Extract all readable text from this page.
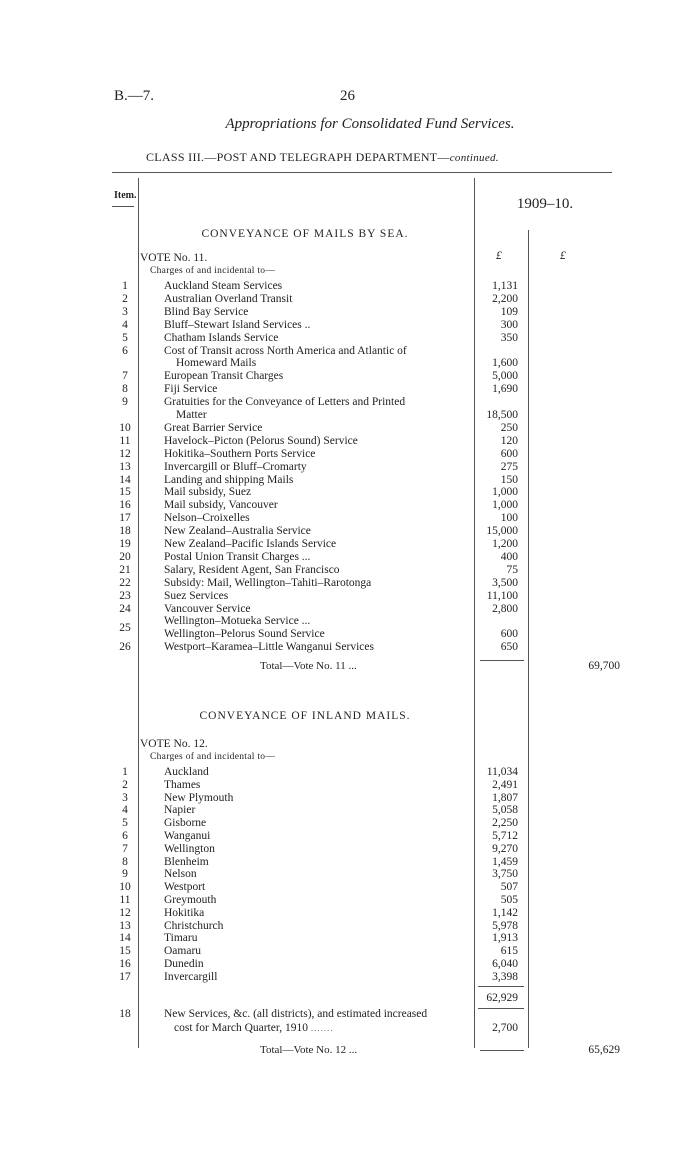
B.—7.	26
Appropriations for Consolidated Fund Services.
CLASS III.—POST AND TELEGRAPH DEPARTMENT—continued.
Item.
1909–10.
£	£
CONVEYANCE OF MAILS BY SEA.
VOTE No. 11.
Charges of and incidental to—
1	Auckland Steam Services	1,131
2	Australian Overland Transit	2,200
3	Blind Bay Service	109
4	Bluff–Stewart Island Services ..	300
5	Chatham Islands Service	350
6	Cost of Transit across North America and Atlantic of
Homeward Mails	1,600
7	European Transit Charges	5,000
8	Fiji Service	1,690
9	Gratuities for the Conveyance of Letters and Printed
Matter	18,500
10	Great Barrier Service	250
11	Havelock–Picton (Pelorus Sound) Service	120
12	Hokitika–Southern Ports Service	600
13	Invercargill or Bluff–Cromarty	275
14	Landing and shipping Mails	150
15	Mail subsidy, Suez	1,000
16	Mail subsidy, Vancouver	1,000
17	Nelson–Croixelles	100
18	New Zealand–Australia Service	15,000
19	New Zealand–Pacific Islands Service	1,200
20	Postal Union Transit Charges ...	400
21	Salary, Resident Agent, San Francisco	75
22	Subsidy: Mail, Wellington–Tahiti–Rarotonga	3,500
23	Suez Services	11,100
24	Vancouver Service	2,800
25
Wellington–Motueka Service ...
Wellington–Pelorus Sound Service	600
26	Westport–Karamea–Little Wanganui Services	650
Total—Vote No. 11 ...	69,700
CONVEYANCE OF INLAND MAILS.
VOTE No. 12.
Charges of and incidental to—
1	Auckland	11,034
2	Thames	2,491
3	New Plymouth	1,807
4	Napier	5,058
5	Gisborne	2,250
6	Wanganui	5,712
7	Wellington	9,270
8	Blenheim	1,459
9	Nelson	3,750
10	Westport	507
11	Greymouth	505
12	Hokitika	1,142
13	Christchurch	5,978
14	Timaru	1,913
15	Oamaru	615
16	Dunedin	6,040
17	Invercargill	3,398
62,929
18	New Services, &c. (all districts), and estimated increased
cost for March Quarter, 1910 .......	2,700
Total—Vote No. 12 ...	65,629
